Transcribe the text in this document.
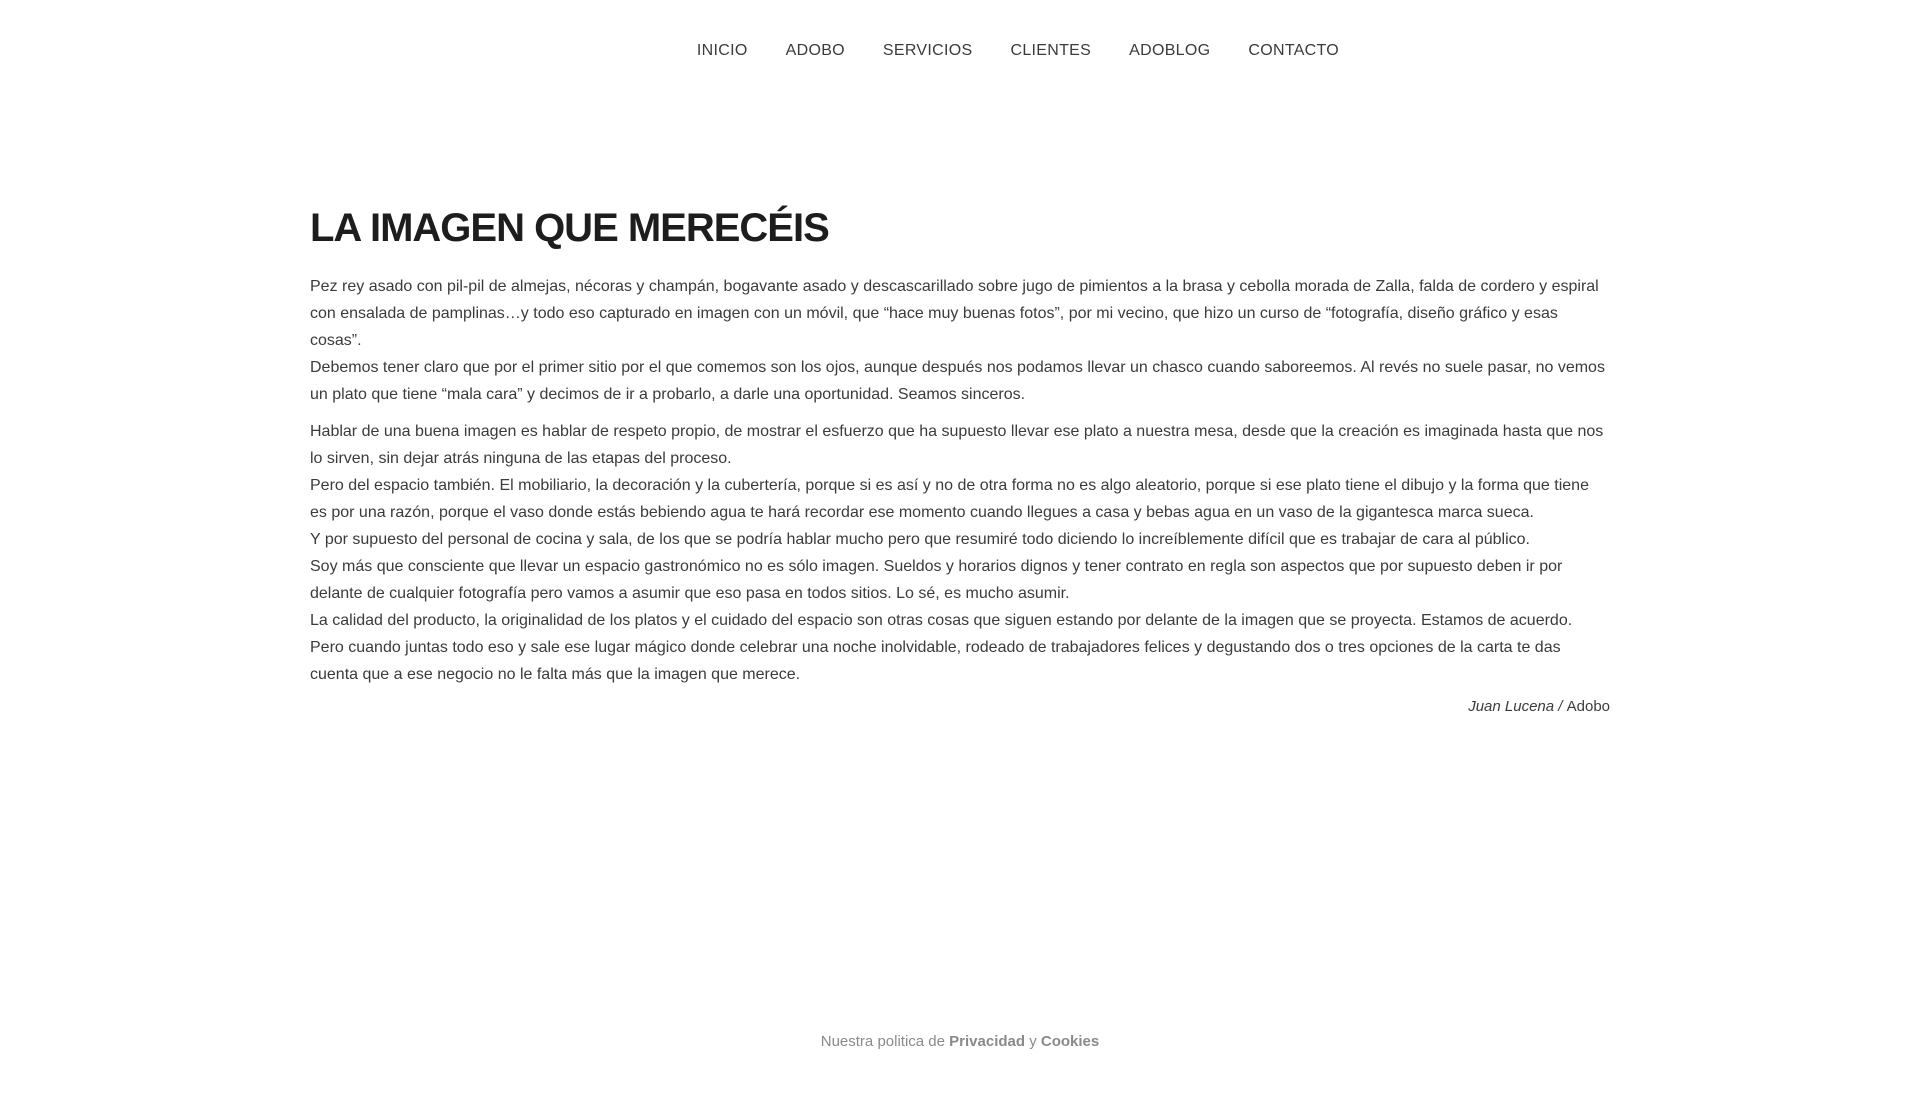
INICIO ADOBO SERVICIOS CLIENTES ADOBLOG CONTACTO
LA IMAGEN QUE MERECÉIS

Pez rey asado con pil-pil de almejas, nécoras y champán, bogavante asado y descascarillado sobre jugo de pimientos a la brasa y cebolla morada de Zalla, falda de cordero y espiral con ensalada de pamplinas…y todo eso capturado en imagen con un móvil, que “hace muy buenas fotos”, por mi vecino, que hizo un curso de “fotografía, diseño gráfico y esas cosas”.

Debemos tener claro que por el primer sitio por el que comemos son los ojos, aunque después nos podamos llevar un chasco cuando saboreemos. Al revés no suele pasar, no vemos un plato que tiene “mala cara” y decimos de ir a probarlo, a darle una oportunidad. Seamos sinceros.

Hablar de una buena imagen es hablar de respeto propio, de mostrar el esfuerzo que ha supuesto llevar ese plato a nuestra mesa, desde que la creación es imaginada hasta que nos lo sirven, sin dejar atrás ninguna de las etapas del proceso.

Pero del espacio también. El mobiliario, la decoración y la cubertería, porque si es así y no de otra forma no es algo aleatorio, porque si ese plato tiene el dibujo y la forma que tiene es por una razón, porque el vaso donde estás bebiendo agua te hará recordar ese momento cuando llegues a casa y bebas agua en un vaso de la gigantesca marca sueca.

Y por supuesto del personal de cocina y sala, de los que se podría hablar mucho pero que resumiré todo diciendo lo increíblemente difícil que es trabajar de cara al público.

Soy más que consciente que llevar un espacio gastronómico no es sólo imagen. Sueldos y horarios dignos y tener contrato en regla son aspectos que por supuesto deben ir por delante de cualquier fotografía pero vamos a asumir que eso pasa en todos sitios. Lo sé, es mucho asumir.

La calidad del producto, la originalidad de los platos y el cuidado del espacio son otras cosas que siguen estando por delante de la imagen que se proyecta. Estamos de acuerdo.

Pero cuando juntas todo eso y sale ese lugar mágico donde celebrar una noche inolvidable, rodeado de trabajadores felices y degustando dos o tres opciones de la carta te das cuenta que a ese negocio no le falta más que la imagen que merece.

Juan Lucena / Adobo
Nuestra politica de Privacidad y Cookies
